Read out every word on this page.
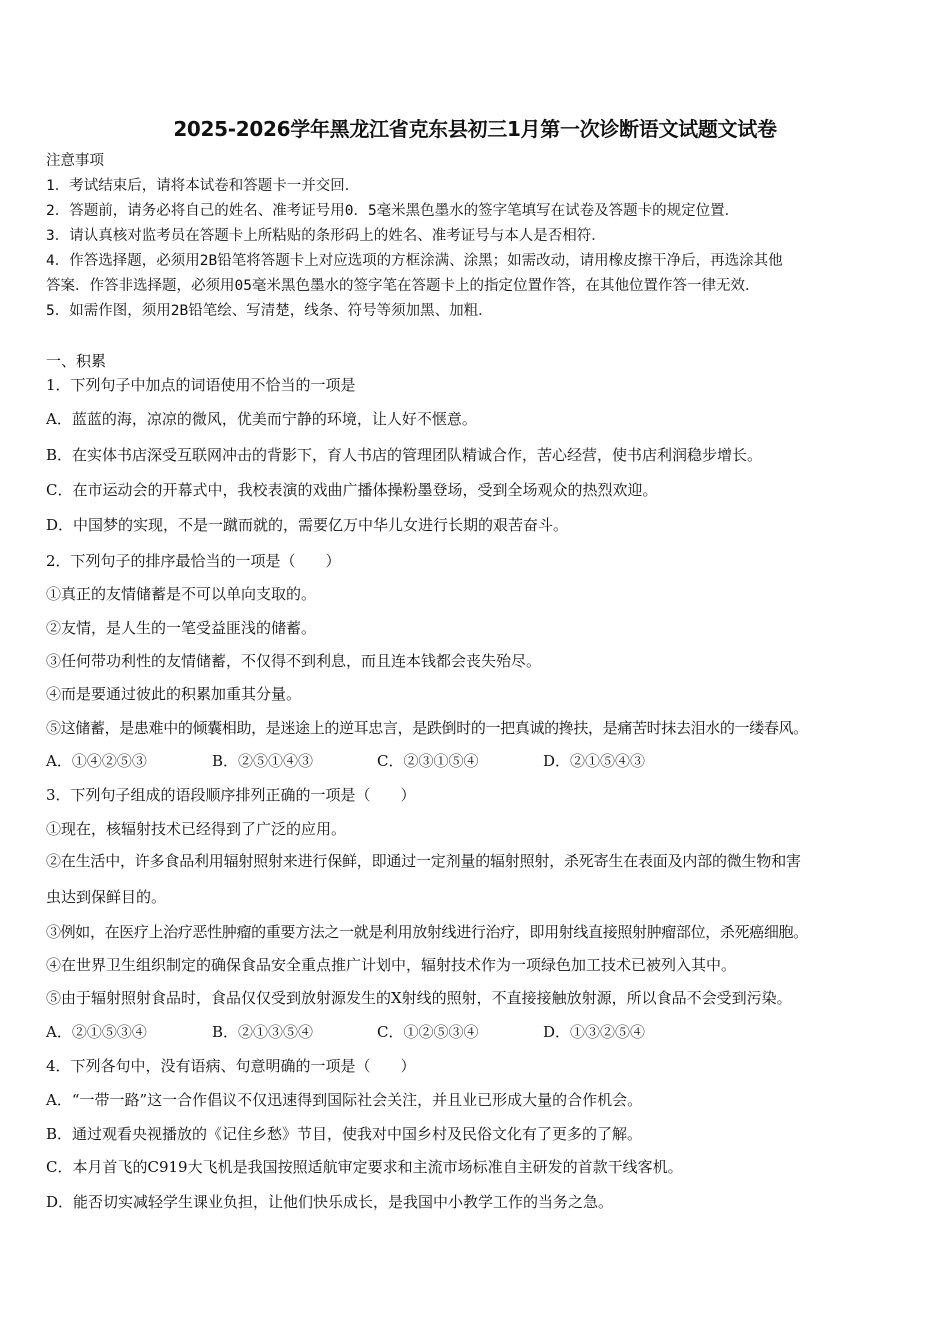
2025-2026学年黑龙江省克东县初三1月第一次诊断语文试题文试卷
注意事项
1．考试结束后，请将本试卷和答题卡一并交回．
2．答题前，请务必将自己的姓名、准考证号用0．5毫米黑色墨水的签字笔填写在试卷及答题卡的规定位置．
3．请认真核对监考员在答题卡上所粘贴的条形码上的姓名、准考证号与本人是否相符．
4．作答选择题，必须用2B铅笔将答题卡上对应选项的方框涂满、涂黑；如需改动，请用橡皮擦干净后，再选涂其他
答案．作答非选择题，必须用05毫米黑色墨水的签字笔在答题卡上的指定位置作答，在其他位置作答一律无效．
5．如需作图，须用2B铅笔绘、写清楚，线条、符号等须加黑、加粗．
一、积累
1．下列句子中加点的词语使用不恰当的一项是
A．蓝蓝的海，凉凉的微风，优美而宁静的环境，让人好不惬意。
B．在实体书店深受互联网冲击的背影下，育人书店的管理团队精诚合作，苦心经营，使书店利润稳步增长。
C．在市运动会的开幕式中，我校表演的戏曲广播体操粉墨登场，受到全场观众的热烈欢迎。
D．中国梦的实现，不是一蹴而就的，需要亿万中华儿女进行长期的艰苦奋斗。
2．下列句子的排序最恰当的一项是（　　）
①真正的友情储蓄是不可以单向支取的。
②友情，是人生的一笔受益匪浅的储蓄。
③任何带功利性的友情储蓄，不仅得不到利息，而且连本钱都会丧失殆尽。
④而是要通过彼此的积累加重其分量。
⑤这储蓄，是患难中的倾囊相助，是迷途上的逆耳忠言，是跌倒时的一把真诚的搀扶，是痛苦时抹去泪水的一缕春风。
A．①④②⑤③	B．②⑤①④③	C．②③①⑤④	D．②①⑤④③
3．下列句子组成的语段顺序排列正确的一项是（　　）
①现在，核辐射技术已经得到了广泛的应用。
②在生活中，许多食品利用辐射照射来进行保鲜，即通过一定剂量的辐射照射，杀死寄生在表面及内部的微生物和害
虫达到保鲜目的。
③例如，在医疗上治疗恶性肿瘤的重要方法之一就是利用放射线进行治疗，即用射线直接照射肿瘤部位，杀死癌细胞。
④在世界卫生组织制定的确保食品安全重点推广计划中，辐射技术作为一项绿色加工技术已被列入其中。
⑤由于辐射照射食品时，食品仅仅受到放射源发生的X射线的照射，不直接接触放射源，所以食品不会受到污染。
A．②①⑤③④	B．②①③⑤④	C．①②⑤③④	D．①③②⑤④
4．下列各句中，没有语病、句意明确的一项是（　　）
A．“一带一路”这一合作倡议不仅迅速得到国际社会关注，并且业已形成大量的合作机会。
B．通过观看央视播放的《记住乡愁》节目，使我对中国乡村及民俗文化有了更多的了解。
C．本月首飞的C919大飞机是我国按照适航审定要求和主流市场标准自主研发的首款干线客机。
D．能否切实减轻学生课业负担，让他们快乐成长，是我国中小教学工作的当务之急。
